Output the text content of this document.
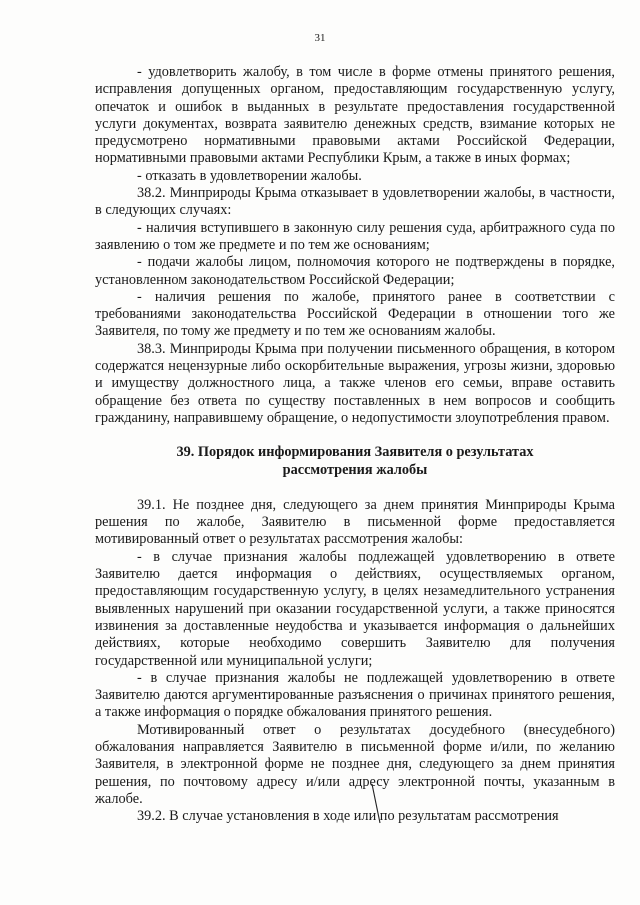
31

- удовлетворить жалобу, в том числе в форме отмены принятого решения, исправления допущенных органом, предоставляющим государственную услугу, опечаток и ошибок в выданных в результате предоставления государственной услуги документах, возврата заявителю денежных средств, взимание которых не предусмотрено нормативными правовыми актами Российской Федерации, нормативными правовыми актами Республики Крым, а также в иных формах;

- отказать в удовлетворении жалобы.

38.2. Минприроды Крыма отказывает в удовлетворении жалобы, в частности, в следующих случаях:

- наличия вступившего в законную силу решения суда, арбитражного суда по заявлению о том же предмете и по тем же основаниям;

- подачи жалобы лицом, полномочия которого не подтверждены в порядке, установленном законодательством Российской Федерации;

- наличия решения по жалобе, принятого ранее в соответствии с требованиями законодательства Российской Федерации в отношении того же Заявителя, по тому же предмету и по тем же основаниям жалобы.

38.3. Минприроды Крыма при получении письменного обращения, в котором содержатся нецензурные либо оскорбительные выражения, угрозы жизни, здоровью и имуществу должностного лица, а также членов его семьи, вправе оставить обращение без ответа по существу поставленных в нем вопросов и сообщить гражданину, направившему обращение, о недопустимости злоупотребления правом.

39. Порядок информирования Заявителя о результатах рассмотрения жалобы

39.1. Не позднее дня, следующего за днем принятия Минприроды Крыма решения по жалобе, Заявителю в письменной форме предоставляется мотивированный ответ о результатах рассмотрения жалобы:

- в случае признания жалобы подлежащей удовлетворению в ответе Заявителю дается информация о действиях, осуществляемых органом, предоставляющим государственную услугу, в целях незамедлительного устранения выявленных нарушений при оказании государственной услуги, а также приносятся извинения за доставленные неудобства и указывается информация о дальнейших действиях, которые необходимо совершить Заявителю для получения государственной или муниципальной услуги;

- в случае признания жалобы не подлежащей удовлетворению в ответе Заявителю даются аргументированные разъяснения о причинах принятого решения, а также информация о порядке обжалования принятого решения.

Мотивированный ответ о результатах досудебного (внесудебного) обжалования направляется Заявителю в письменной форме и/или, по желанию Заявителя, в электронной форме не позднее дня, следующего за днем принятия решения, по почтовому адресу и/или адресу электронной почты, указанным в жалобе.

39.2. В случае установления в ходе или по результатам рассмотрения
